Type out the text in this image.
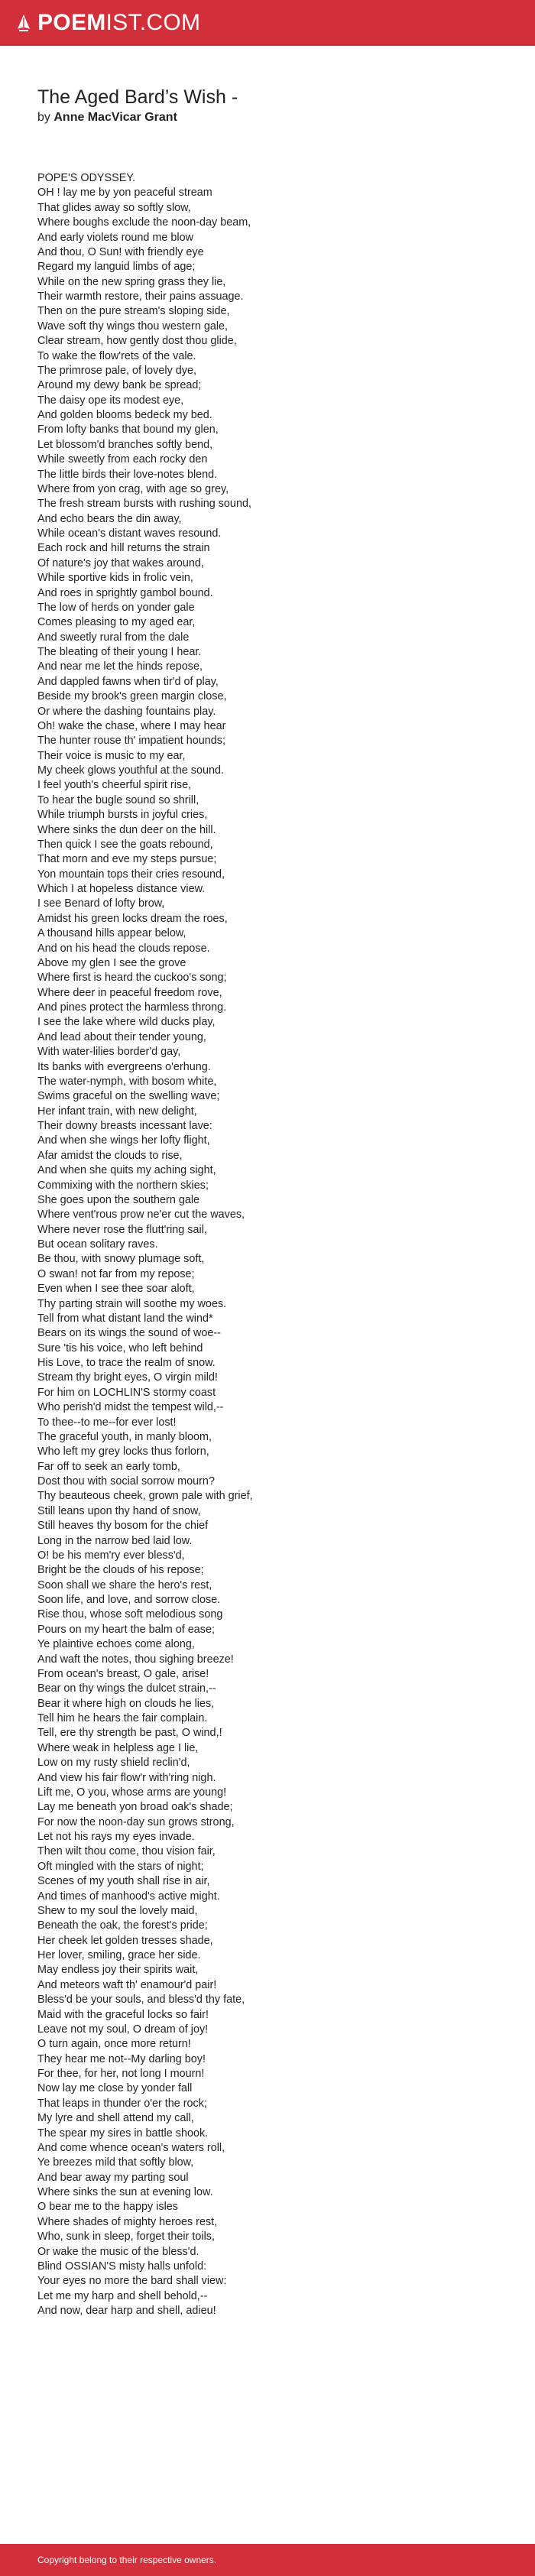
POEMIST.COM
The Aged Bard’s Wish -
by Anne MacVicar Grant
POPE'S ODYSSEY.
OH ! lay me by yon peaceful stream
That glides away so softly slow,
Where boughs exclude the noon-day beam,
And early violets round me blow
And thou, O Sun! with friendly eye
Regard my languid limbs of age;
While on the new spring grass they lie,
Their warmth restore, their pains assuage.
Then on the pure stream's sloping side,
Wave soft thy wings thou western gale,
Clear stream, how gently dost thou glide,
To wake the flow'rets of the vale.
The primrose pale, of lovely dye,
Around my dewy bank be spread;
The daisy ope its modest eye,
And golden blooms bedeck my bed.
From lofty banks that bound my glen,
Let blossom'd branches softly bend,
While sweetly from each rocky den
The little birds their love-notes blend.
Where from yon crag, with age so grey,
The fresh stream bursts with rushing sound,
And echo bears the din away,
While ocean's distant waves resound.
Each rock and hill returns the strain
Of nature's joy that wakes around,
While sportive kids in frolic vein,
And roes in sprightly gambol bound.
The low of herds on yonder gale
Comes pleasing to my aged ear,
And sweetly rural from the dale
The bleating of their young I hear.
And near me let the hinds repose,
And dappled fawns when tir'd of play,
Beside my brook's green margin close,
Or where the dashing fountains play.
Oh! wake the chase, where I may hear
The hunter rouse th' impatient hounds;
Their voice is music to my ear,
My cheek glows youthful at the sound.
I feel youth's cheerful spirit rise,
To hear the bugle sound so shrill,
While triumph bursts in joyful cries,
Where sinks the dun deer on the hill.
Then quick I see the goats rebound,
That morn and eve my steps pursue;
Yon mountain tops their cries resound,
Which I at hopeless distance view.
I see Benard of lofty brow,
Amidst his green locks dream the roes,
A thousand hills appear below,
And on his head the clouds repose.
Above my glen I see the grove
Where first is heard the cuckoo's song;
Where deer in peaceful freedom rove,
And pines protect the harmless throng.
I see the lake where wild ducks play,
And lead about their tender young,
With water-lilies border'd gay,
Its banks with evergreens o'erhung.
The water-nymph, with bosom white,
Swims graceful on the swelling wave;
Her infant train, with new delight,
Their downy breasts incessant lave:
And when she wings her lofty flight,
Afar amidst the clouds to rise,
And when she quits my aching sight,
Commixing with the northern skies;
She goes upon the southern gale
Where vent'rous prow ne'er cut the waves,
Where never rose the flutt'ring sail,
But ocean solitary raves.
Be thou, with snowy plumage soft,
O swan! not far from my repose;
Even when I see thee soar aloft,
Thy parting strain will soothe my woes.
Tell from what distant land the wind*
Bears on its wings the sound of woe--
Sure 'tis his voice, who left behind
His Love, to trace the realm of snow.
Stream thy bright eyes, O virgin mild!
For him on LOCHLIN'S stormy coast
Who perish'd midst the tempest wild,--
To thee--to me--for ever lost!
The graceful youth, in manly bloom,
Who left my grey locks thus forlorn,
Far off to seek an early tomb,
Dost thou with social sorrow mourn?
Thy beauteous cheek, grown pale with grief,
Still leans upon thy hand of snow,
Still heaves thy bosom for the chief
Long in the narrow bed laid low.
O! be his mem'ry ever bless'd,
Bright be the clouds of his repose;
Soon shall we share the hero's rest,
Soon life, and love, and sorrow close.
Rise thou, whose soft melodious song
Pours on my heart the balm of ease;
Ye plaintive echoes come along,
And waft the notes, thou sighing breeze!
From ocean's breast, O gale, arise!
Bear on thy wings the dulcet strain,--
Bear it where high on clouds he lies,
Tell him he hears the fair complain.
Tell, ere thy strength be past, O wind,!
Where weak in helpless age I lie,
Low on my rusty shield reclin'd,
And view his fair flow'r with'ring nigh.
Lift me, O you, whose arms are young!
Lay me beneath yon broad oak's shade;
For now the noon-day sun grows strong,
Let not his rays my eyes invade.
Then wilt thou come, thou vision fair,
Oft mingled with the stars of night;
Scenes of my youth shall rise in air,
And times of manhood's active might.
Shew to my soul the lovely maid,
Beneath the oak, the forest's pride;
Her cheek let golden tresses shade,
Her lover, smiling, grace her side.
May endless joy their spirits wait,
And meteors waft th' enamour'd pair!
Bless'd be your souls, and bless'd thy fate,
Maid with the graceful locks so fair!
Leave not my soul, O dream of joy!
O turn again, once more return!
They hear me not--My darling boy!
For thee, for her, not long I mourn!
Now lay me close by yonder fall
That leaps in thunder o'er the rock;
My lyre and shell attend my call,
The spear my sires in battle shook.
And come whence ocean's waters roll,
Ye breezes mild that softly blow,
And bear away my parting soul
Where sinks the sun at evening low.
O bear me to the happy isles
Where shades of mighty heroes rest,
Who, sunk in sleep, forget their toils,
Or wake the music of the bless'd.
Blind OSSIAN'S misty halls unfold:
Your eyes no more the bard shall view:
Let me my harp and shell behold,--
And now, dear harp and shell, adieu!
Copyright belong to their respective owners.
